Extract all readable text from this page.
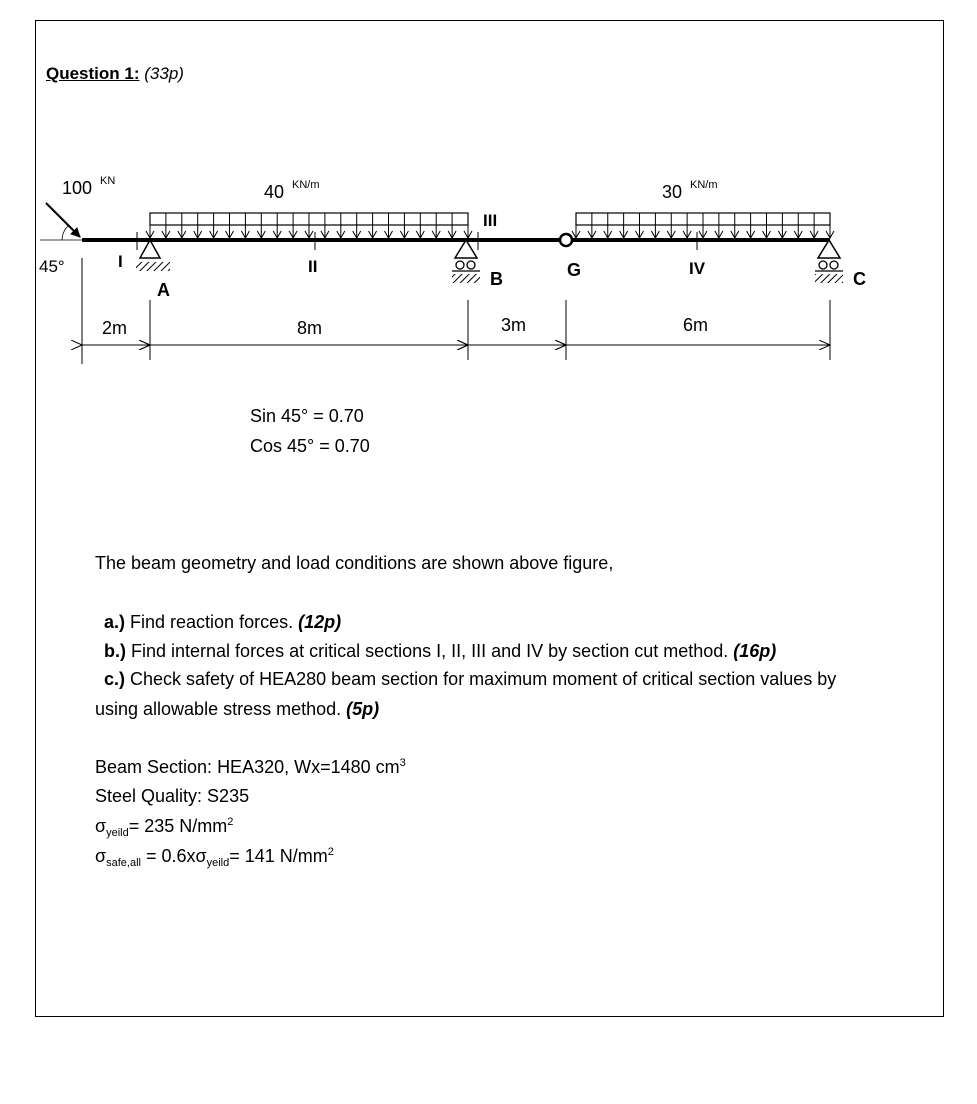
Question 1: (33p)
100 KN
45°
40 KN/m	30 KN/m
I	II
III
IV
A
B	C
G
2m	8m	3m	6m
Sin 45° = 0.70
Cos 45° = 0.70
The beam geometry and load conditions are shown above figure,
a.) Find reaction forces. (12p)
b.) Find internal forces at critical sections I, II, III and IV by section cut method. (16p)
c.) Check safety of HEA280 beam section for maximum moment of critical section values by
using allowable stress method. (5p)
Beam Section: HEA320, Wx=1480 $cm^3$
Steel Quality: S235
$\sigma_{yeild}= 235$ $N/mm^2$
$\sigma_{safe,all} = 0.6x\sigma_{yeild}= 141$ $N/mm^2$
